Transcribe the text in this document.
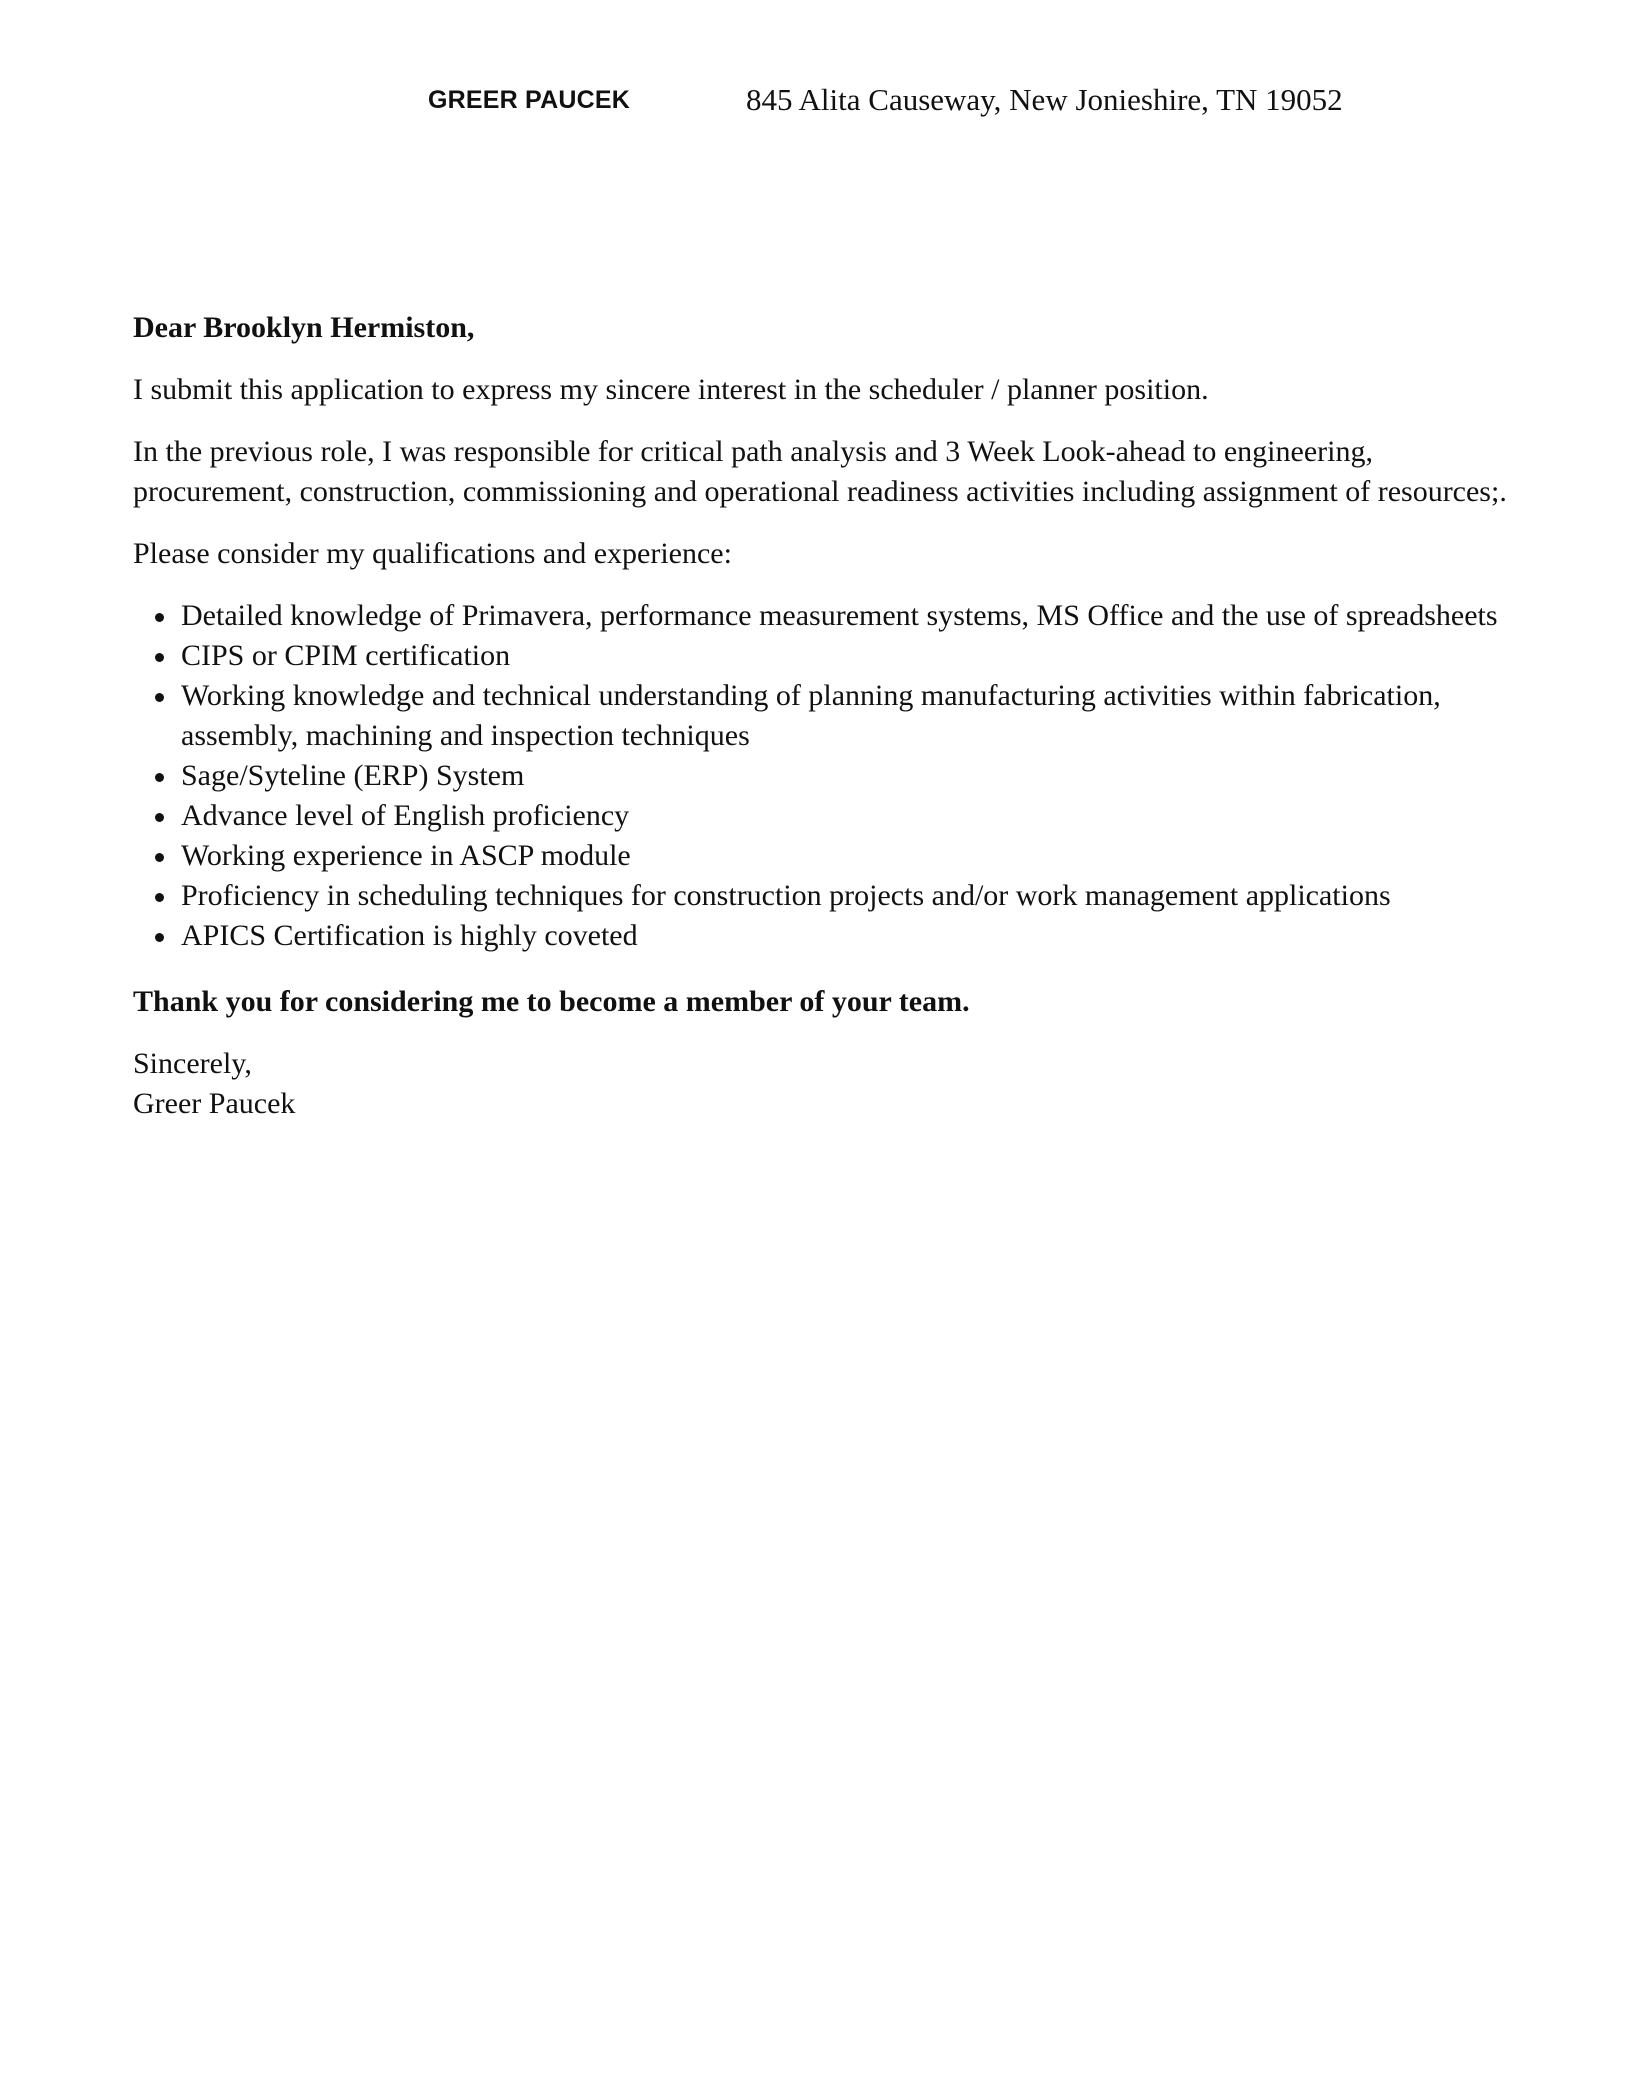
GREER PAUCEK	845 Alita Causeway, New Jonieshire, TN 19052

Dear Brooklyn Hermiston,

I submit this application to express my sincere interest in the scheduler / planner position.

In the previous role, I was responsible for critical path analysis and 3 Week Look-ahead to engineering, procurement, construction, commissioning and operational readiness activities including assignment of resources;.

Please consider my qualifications and experience:

Detailed knowledge of Primavera, performance measurement systems, MS Office and the use of spreadsheets
CIPS or CPIM certification
Working knowledge and technical understanding of planning manufacturing activities within fabrication, assembly, machining and inspection techniques
Sage/Syteline (ERP) System
Advance level of English proficiency
Working experience in ASCP module
Proficiency in scheduling techniques for construction projects and/or work management applications
APICS Certification is highly coveted

Thank you for considering me to become a member of your team.

Sincerely,
Greer Paucek
